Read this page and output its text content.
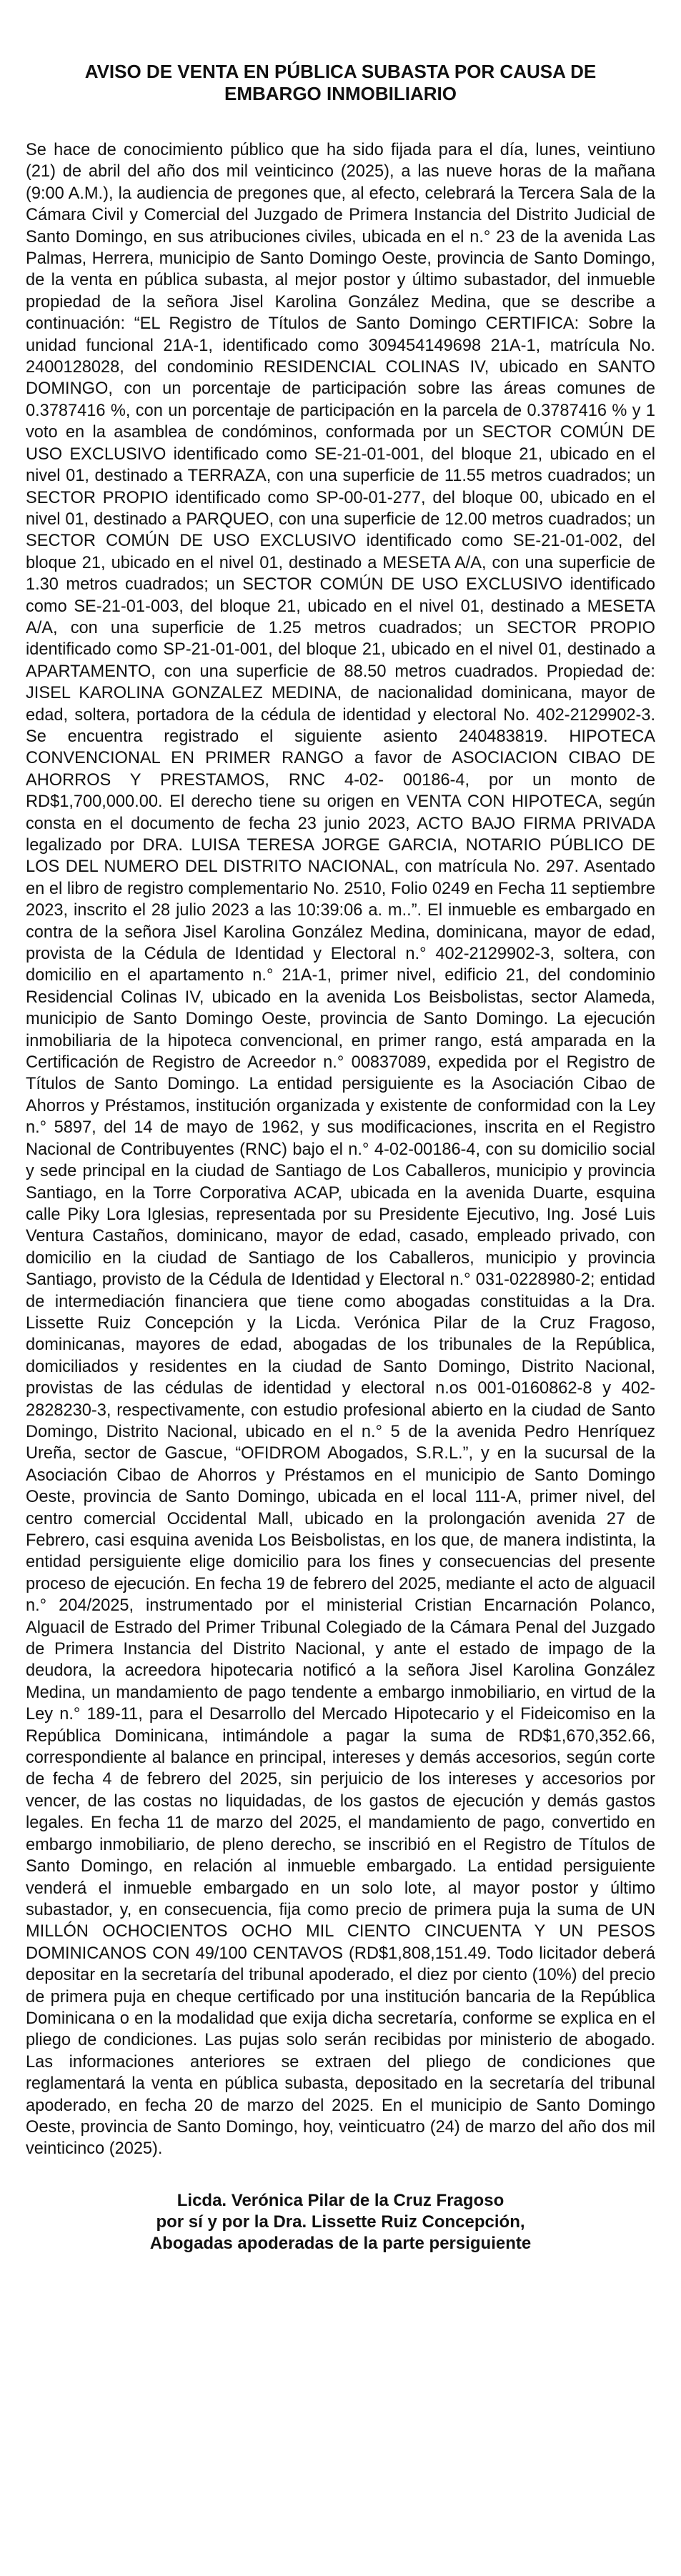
AVISO DE VENTA EN PÚBLICA SUBASTA POR CAUSA DE
EMBARGO INMOBILIARIO

Se hace de conocimiento público que ha sido fijada para el día, lunes, veintiuno (21) de abril del año dos mil veinticinco (2025), a las nueve horas de la mañana (9:00 A.M.), la audiencia de pregones que, al efecto, celebrará la Tercera Sala de la Cámara Civil y Comercial del Juzgado de Primera Instancia del Distrito Judicial de Santo Domingo, en sus atribuciones civiles, ubicada en el n.° 23 de la avenida Las Palmas, Herrera, municipio de Santo Domingo Oeste, provincia de Santo Domingo, de la venta en pública subasta, al mejor postor y último subastador, del inmueble propiedad de la señora Jisel Karolina González Medina, que se describe a continuación: “EL Registro de Títulos de Santo Domingo CERTIFICA: Sobre la unidad funcional 21A-1, identificado como 309454149698 21A-1, matrícula No. 2400128028, del condominio RESIDENCIAL COLINAS IV, ubicado en SANTO DOMINGO, con un porcentaje de participación sobre las áreas comunes de 0.3787416 %, con un porcentaje de participación en la parcela de 0.3787416 % y 1 voto en la asamblea de condóminos, conformada por un SECTOR COMÚN DE USO EXCLUSIVO identificado como SE-21-01-001, del bloque 21, ubicado en el nivel 01, destinado a TERRAZA, con una superficie de 11.55 metros cuadrados; un SECTOR PROPIO identificado como SP-00-01-277, del bloque 00, ubicado en el nivel 01, destinado a PARQUEO, con una superficie de 12.00 metros cuadrados; un SECTOR COMÚN DE USO EXCLUSIVO identificado como SE-21-01-002, del bloque 21, ubicado en el nivel 01, destinado a MESETA A/A, con una superficie de 1.30 metros cuadrados; un SECTOR COMÚN DE USO EXCLUSIVO identificado como SE-21-01-003, del bloque 21, ubicado en el nivel 01, destinado a MESETA A/A, con una superficie de 1.25 metros cuadrados; un SECTOR PROPIO identificado como SP-21-01-001, del bloque 21, ubicado en el nivel 01, destinado a APARTAMENTO, con una superficie de 88.50 metros cuadrados. Propiedad de: JISEL KAROLINA GONZALEZ MEDINA, de nacionalidad dominicana, mayor de edad, soltera, portadora de la cédula de identidad y electoral No. 402-2129902-3. Se encuentra registrado el siguiente asiento 240483819. HIPOTECA CONVENCIONAL EN PRIMER RANGO a favor de ASOCIACION CIBAO DE AHORROS Y PRESTAMOS, RNC 4-02- 00186-4, por un monto de RD$1,700,000.00. El derecho tiene su origen en VENTA CON HIPOTECA, según consta en el documento de fecha 23 junio 2023, ACTO BAJO FIRMA PRIVADA legalizado por DRA. LUISA TERESA JORGE GARCIA, NOTARIO PÚBLICO DE LOS DEL NUMERO DEL DISTRITO NACIONAL, con matrícula No. 297. Asentado en el libro de registro complementario No. 2510, Folio 0249 en Fecha 11 septiembre 2023, inscrito el 28 julio 2023 a las 10:39:06 a. m..”. El inmueble es embargado en contra de la señora Jisel Karolina González Medina, dominicana, mayor de edad, provista de la Cédula de Identidad y Electoral n.° 402-2129902-3, soltera, con domicilio en el apartamento n.° 21A-1, primer nivel, edificio 21, del condominio Residencial Colinas IV, ubicado en la avenida Los Beisbolistas, sector Alameda, municipio de Santo Domingo Oeste, provincia de Santo Domingo. La ejecución inmobiliaria de la hipoteca convencional, en primer rango, está amparada en la Certificación de Registro de Acreedor n.° 00837089, expedida por el Registro de Títulos de Santo Domingo. La entidad persiguiente es la Asociación Cibao de Ahorros y Préstamos, institución organizada y existente de conformidad con la Ley n.° 5897, del 14 de mayo de 1962, y sus modificaciones, inscrita en el Registro Nacional de Contribuyentes (RNC) bajo el n.° 4-02-00186-4, con su domicilio social y sede principal en la ciudad de Santiago de Los Caballeros, municipio y provincia Santiago, en la Torre Corporativa ACAP, ubicada en la avenida Duarte, esquina calle Piky Lora Iglesias, representada por su Presidente Ejecutivo, Ing. José Luis Ventura Castaños, dominicano, mayor de edad, casado, empleado privado, con domicilio en la ciudad de Santiago de los Caballeros, municipio y provincia Santiago, provisto de la Cédula de Identidad y Electoral n.° 031-0228980-2; entidad de intermediación financiera que tiene como abogadas constituidas a la Dra. Lissette Ruiz Concepción y la Licda. Verónica Pilar de la Cruz Fragoso, dominicanas, mayores de edad, abogadas de los tribunales de la República, domiciliados y residentes en la ciudad de Santo Domingo, Distrito Nacional, provistas de las cédulas de identidad y electoral n.os 001-0160862-8 y 402-2828230-3, respectivamente, con estudio profesional abierto en la ciudad de Santo Domingo, Distrito Nacional, ubicado en el n.° 5 de la avenida Pedro Henríquez Ureña, sector de Gascue, “OFIDROM Abogados, S.R.L.”, y en la sucursal de la Asociación Cibao de Ahorros y Préstamos en el municipio de Santo Domingo Oeste, provincia de Santo Domingo, ubicada en el local 111-A, primer nivel, del centro comercial Occidental Mall, ubicado en la prolongación avenida 27 de Febrero, casi esquina avenida Los Beisbolistas, en los que, de manera indistinta, la entidad persiguiente elige domicilio para los fines y consecuencias del presente proceso de ejecución. En fecha 19 de febrero del 2025, mediante el acto de alguacil n.° 204/2025, instrumentado por el ministerial Cristian Encarnación Polanco, Alguacil de Estrado del Primer Tribunal Colegiado de la Cámara Penal del Juzgado de Primera Instancia del Distrito Nacional, y ante el estado de impago de la deudora, la acreedora hipotecaria notificó a la señora Jisel Karolina González Medina, un mandamiento de pago tendente a embargo inmobiliario, en virtud de la Ley n.° 189-11, para el Desarrollo del Mercado Hipotecario y el Fideicomiso en la República Dominicana, intimándole a pagar la suma de RD$1,670,352.66, correspondiente al balance en principal, intereses y demás accesorios, según corte de fecha 4 de febrero del 2025, sin perjuicio de los intereses y accesorios por vencer, de las costas no liquidadas, de los gastos de ejecución y demás gastos legales. En fecha 11 de marzo del 2025, el mandamiento de pago, convertido en embargo inmobiliario, de pleno derecho, se inscribió en el Registro de Títulos de Santo Domingo, en relación al inmueble embargado. La entidad persiguiente venderá el inmueble embargado en un solo lote, al mayor postor y último subastador, y, en consecuencia, fija como precio de primera puja la suma de UN MILLÓN OCHOCIENTOS OCHO MIL CIENTO CINCUENTA Y UN PESOS DOMINICANOS CON 49/100 CENTAVOS (RD$1,808,151.49. Todo licitador deberá depositar en la secretaría del tribunal apoderado, el diez por ciento (10%) del precio de primera puja en cheque certificado por una institución bancaria de la República Dominicana o en la modalidad que exija dicha secretaría, conforme se explica en el pliego de condiciones. Las pujas solo serán recibidas por ministerio de abogado. Las informaciones anteriores se extraen del pliego de condiciones que reglamentará la venta en pública subasta, depositado en la secretaría del tribunal apoderado, en fecha 20 de marzo del 2025. En el municipio de Santo Domingo Oeste, provincia de Santo Domingo, hoy, veinticuatro (24) de marzo del año dos mil veinticinco (2025).

Licda. Verónica Pilar de la Cruz Fragoso
por sí y por la Dra. Lissette Ruiz Concepción,
Abogadas apoderadas de la parte persiguiente
